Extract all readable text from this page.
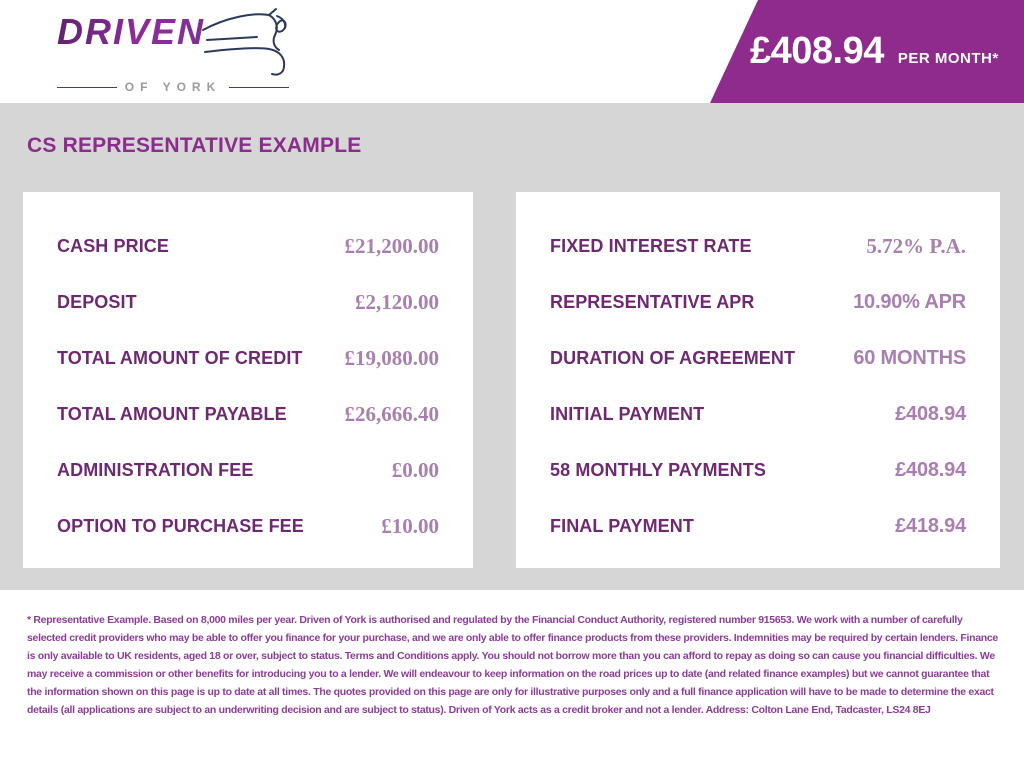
DRIVEN
OF YORK
£408.94 PER MONTH*
CS REPRESENTATIVE EXAMPLE
CASH PRICE	£21,200.00
DEPOSIT	£2,120.00
TOTAL AMOUNT OF CREDIT £19,080.00
TOTAL AMOUNT PAYABLE	£26,666.40
ADMINISTRATION FEE	£0.00
OPTION TO PURCHASE FEE	£10.00
FIXED INTEREST RATE	5.72% P.A.
REPRESENTATIVE APR	10.90% APR
DURATION OF AGREEMENT	60 MONTHS
INITIAL PAYMENT	£408.94
58 MONTHLY PAYMENTS	£408.94
FINAL PAYMENT	£418.94
* Representative Example. Based on 8,000 miles per year. Driven of York is authorised and regulated by the Financial Conduct Authority, registered number 915653. We work with a number of carefully selected credit providers who may be able to offer you finance for your purchase, and we are only able to offer finance products from these providers. Indemnities may be required by certain lenders. Finance is only available to UK residents, aged 18 or over, subject to status. Terms and Conditions apply. You should not borrow more than you can afford to repay as doing so can cause you financial difficulties. We may receive a commission or other benefits for introducing you to a lender. We will endeavour to keep information on the road prices up to date (and related finance examples) but we cannot guarantee that the information shown on this page is up to date at all times. The quotes provided on this page are only for illustrative purposes only and a full finance application will have to be made to determine the exact details (all applications are subject to an underwriting decision and are subject to status). Driven of York acts as a credit broker and not a lender. Address: Colton Lane End, Tadcaster, LS24 8EJ
